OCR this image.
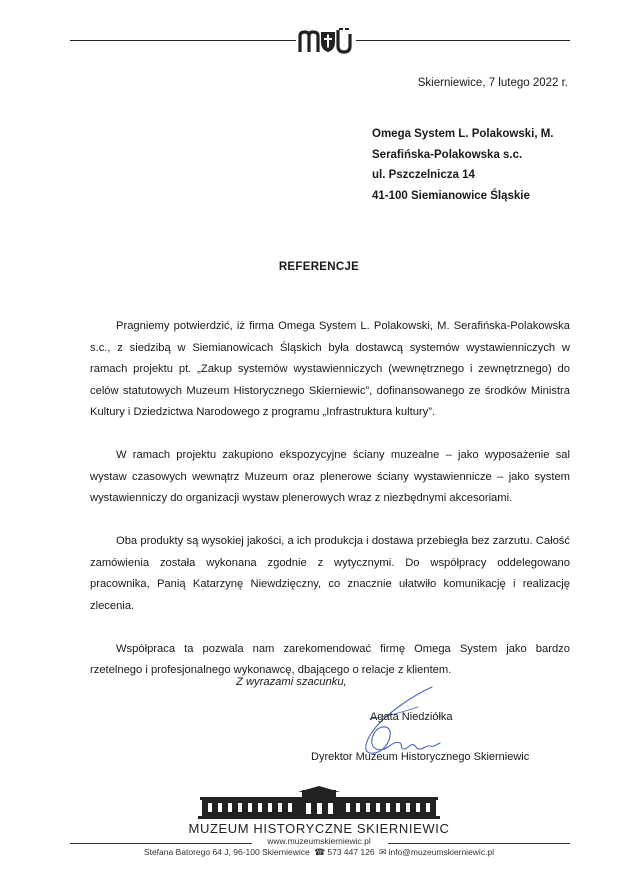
Skierniewice, 7 lutego 2022 r.
Omega System L. Polakowski, M.
Serafińska-Polakowska s.c.
ul. Pszczelnicza 14
41-100 Siemianowice Śląskie
REFERENCJE

Pragniemy potwierdzić, iż firma Omega System L. Polakowski, M. Serafińska-Polakowska s.c., z siedzibą w Siemianowicach Śląskich była dostawcą systemów wystawienniczych w ramach projektu pt. „Zakup systemów wystawienniczych (wewnętrznego i zewnętrznego) do celów statutowych Muzeum Historycznego Skierniewic”, dofinansowanego ze środków Ministra Kultury i Dziedzictwa Narodowego z programu „Infrastruktura kultury”.

W ramach projektu zakupiono ekspozycyjne ściany muzealne – jako wyposażenie sal wystaw czasowych wewnątrz Muzeum oraz plenerowe ściany wystawiennicze – jako system wystawienniczy do organizacji wystaw plenerowych wraz z niezbędnymi akcesoriami.

Oba produkty są wysokiej jakości, a ich produkcja i dostawa przebiegła bez zarzutu. Całość zamówienia została wykonana zgodnie z wytycznymi. Do współpracy oddelegowano pracownika, Panią Katarzynę Niewdzięczny, co znacznie ułatwiło komunikację i realizację zlecenia.

Współpraca ta pozwala nam zarekomendować firmę Omega System jako bardzo rzetelnego i profesjonalnego wykonawcę, dbającego o relacje z klientem.

Z wyrazami szacunku,
Agata Niedziółka
Dyrektor Muzeum Historycznego Skierniewic
MUZEUM HISTORYCZNE SKIERNIEWIC
www.muzeumskierniewic.pl
Stefana Batorego 64 J, 96-100 Skierniewice ☎ 573 447 126 ✉ info@muzeumskierniewic.pl
